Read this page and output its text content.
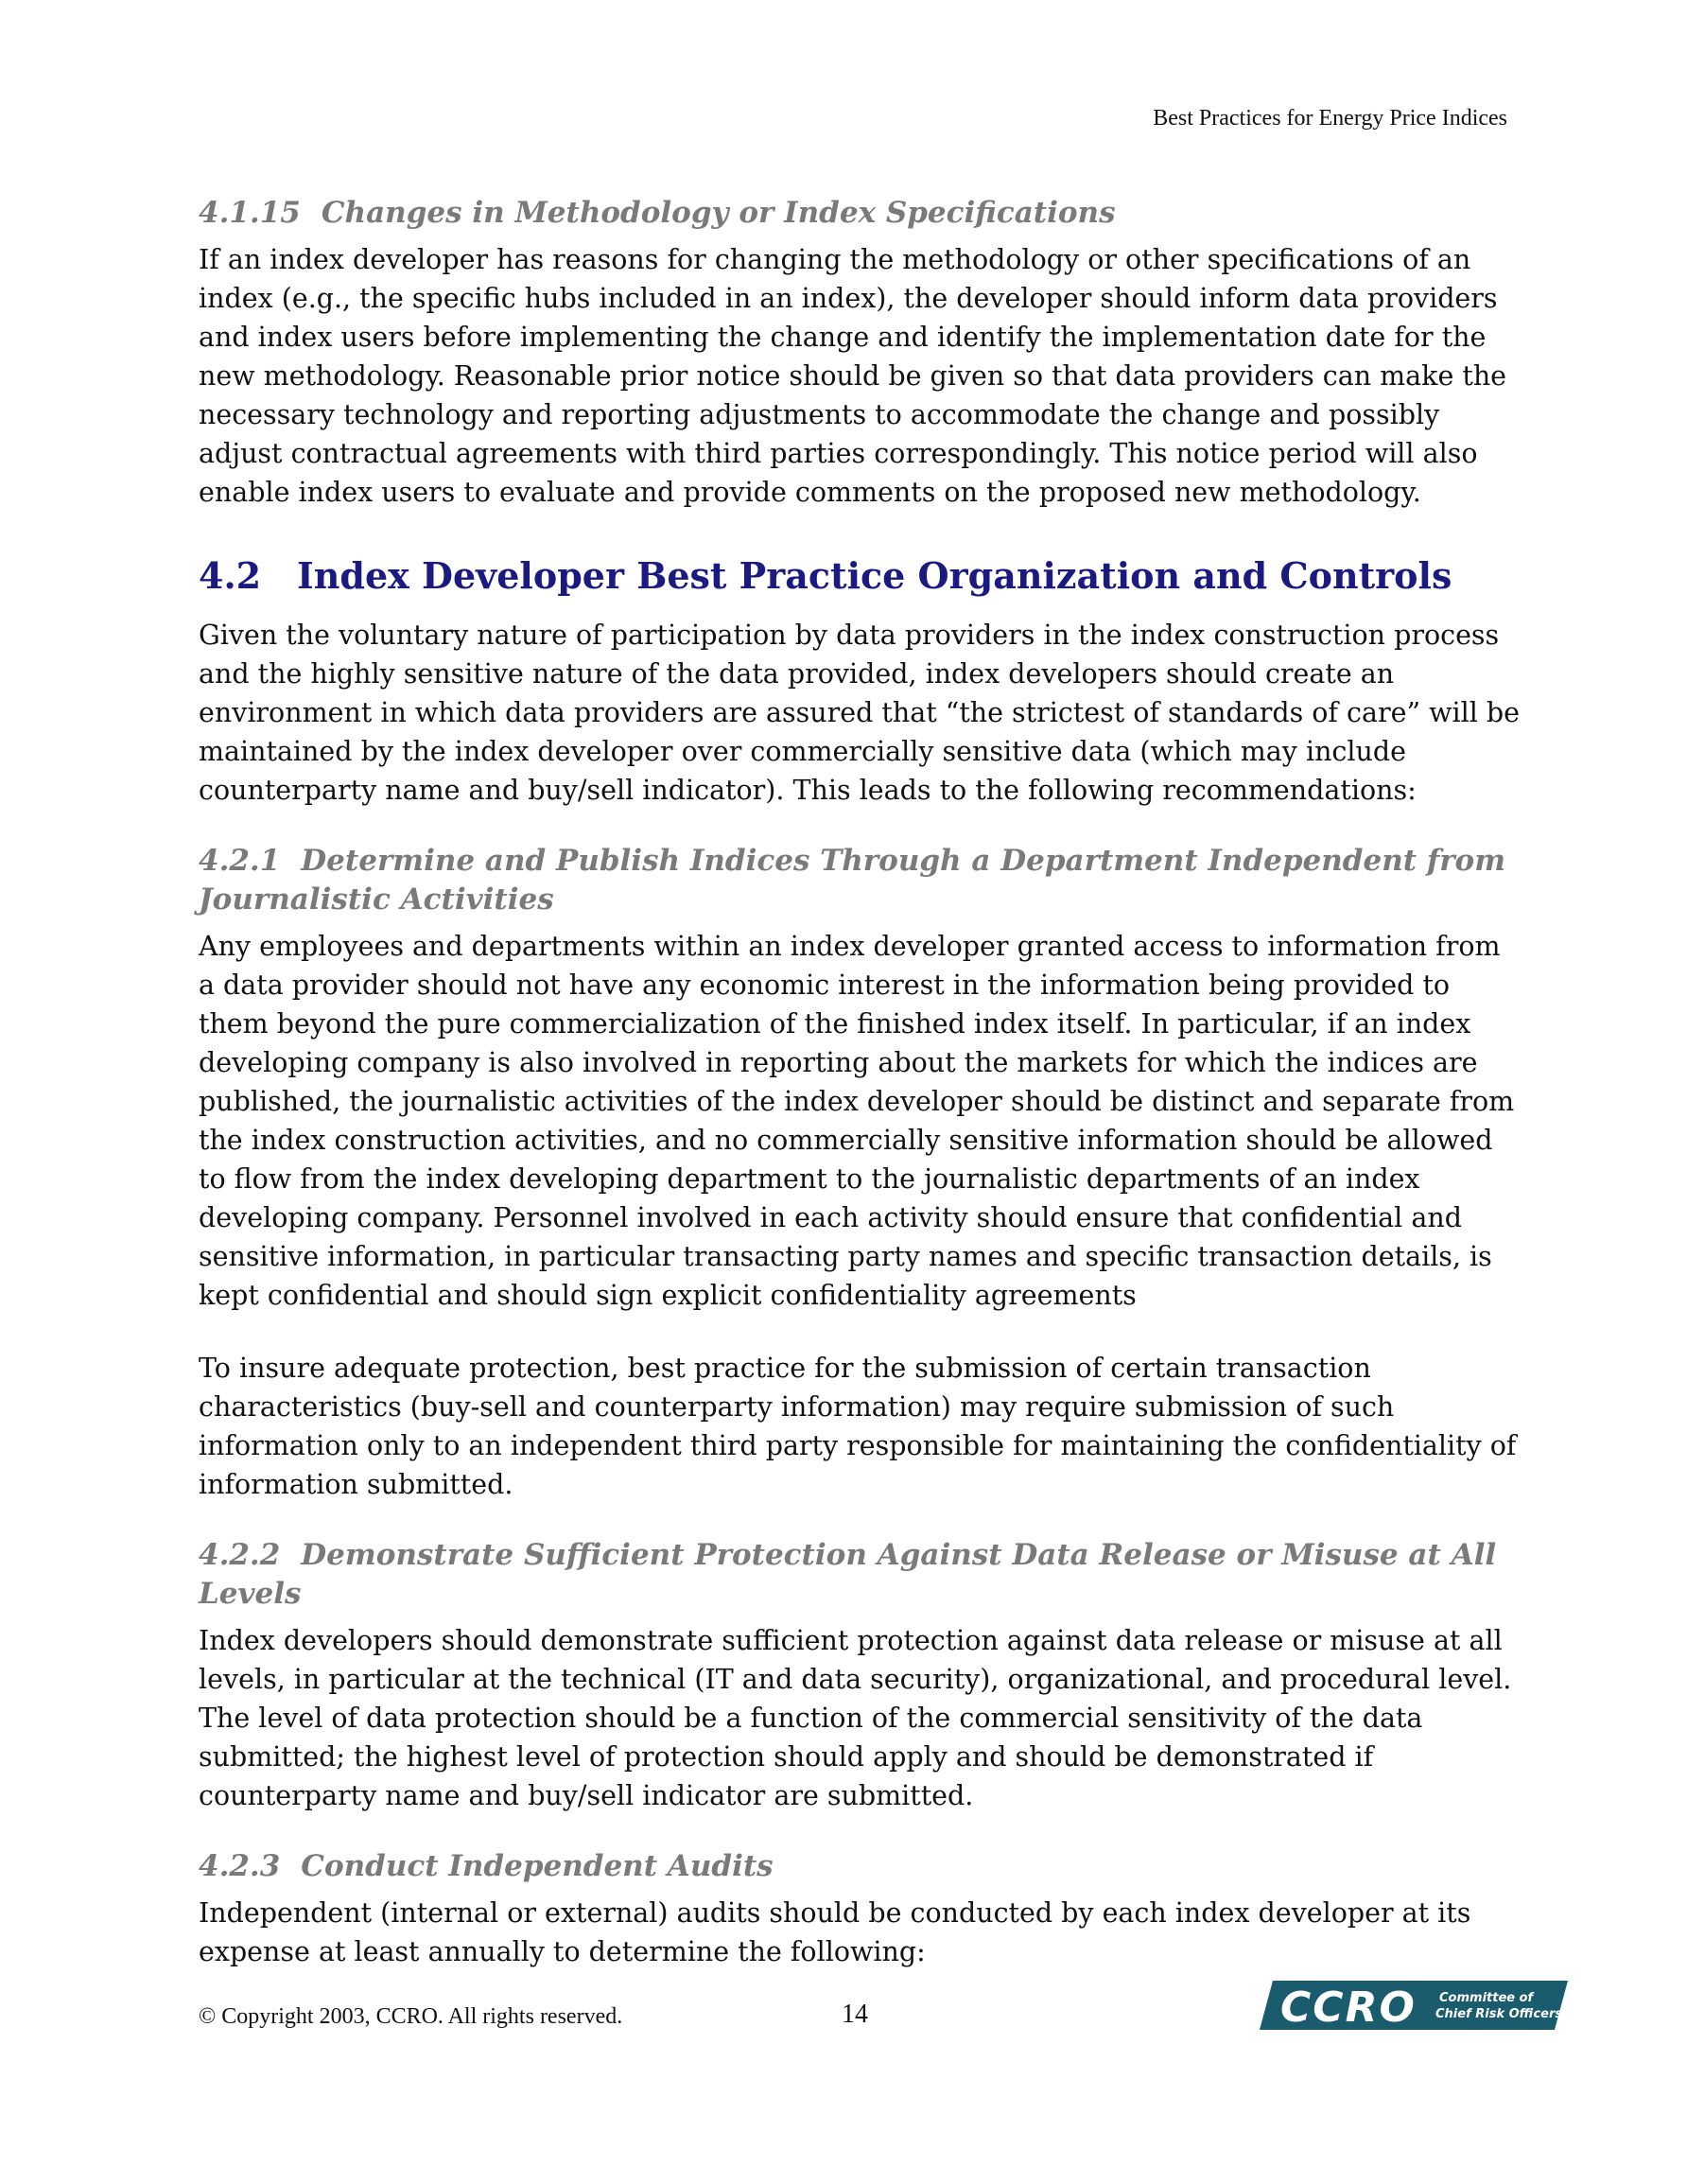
Best Practices for Energy Price Indices
4.1.15 Changes in Methodology or Index Specifications

If an index developer has reasons for changing the methodology or other specifications of an index (e.g., the specific hubs included in an index), the developer should inform data providers and index users before implementing the change and identify the implementation date for the new methodology. Reasonable prior notice should be given so that data providers can make the necessary technology and reporting adjustments to accommodate the change and possibly adjust contractual agreements with third parties correspondingly. This notice period will also enable index users to evaluate and provide comments on the proposed new methodology.

4.2 Index Developer Best Practice Organization and Controls

Given the voluntary nature of participation by data providers in the index construction process and the highly sensitive nature of the data provided, index developers should create an environment in which data providers are assured that “the strictest of standards of care” will be maintained by the index developer over commercially sensitive data (which may include counterparty name and buy/sell indicator). This leads to the following recommendations:

4.2.1 Determine and Publish Indices Through a Department Independent from Journalistic Activities

Any employees and departments within an index developer granted access to information from a data provider should not have any economic interest in the information being provided to them beyond the pure commercialization of the finished index itself. In particular, if an index developing company is also involved in reporting about the markets for which the indices are published, the journalistic activities of the index developer should be distinct and separate from the index construction activities, and no commercially sensitive information should be allowed to flow from the index developing department to the journalistic departments of an index developing company. Personnel involved in each activity should ensure that confidential and sensitive information, in particular transacting party names and specific transaction details, is kept confidential and should sign explicit confidentiality agreements

To insure adequate protection, best practice for the submission of certain transaction characteristics (buy-sell and counterparty information) may require submission of such information only to an independent third party responsible for maintaining the confidentiality of information submitted.

4.2.2 Demonstrate Sufficient Protection Against Data Release or Misuse at All Levels

Index developers should demonstrate sufficient protection against data release or misuse at all levels, in particular at the technical (IT and data security), organizational, and procedural level. The level of data protection should be a function of the commercial sensitivity of the data submitted; the highest level of protection should apply and should be demonstrated if counterparty name and buy/sell indicator are submitted.

4.2.3 Conduct Independent Audits

Independent (internal or external) audits should be conducted by each index developer at its expense at least annually to determine the following:

© Copyright 2003, CCRO. All rights reserved.	14	CCRO Committee of
Chief Risk Officers
